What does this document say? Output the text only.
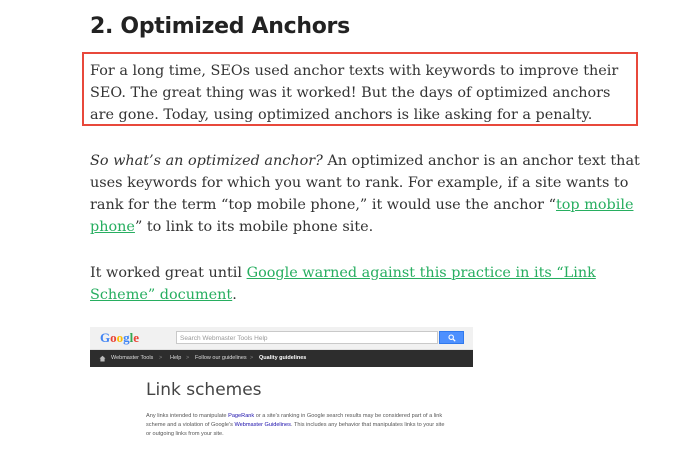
2. Optimized Anchors

For a long time, SEOs used anchor texts with keywords to improve their SEO. The great thing was it worked! But the days of optimized anchors are gone. Today, using optimized anchors is like asking for a penalty.

So what’s an optimized anchor? An optimized anchor is an anchor text that uses keywords for which you want to rank. For example, if a site wants to rank for the term “top mobile phone,” it would use the anchor “top mobile phone” to link to its mobile phone site.

It worked great until Google warned against this practice in its “Link Scheme” document.

Google	Search Webmaster Tools Help
Webmaster Tools > Help > Follow our guidelines > Quality guidelines
Link schemes
Any links intended to manipulate PageRank or a site's ranking in Google search results may be considered part of a link scheme and a violation of Google's Webmaster Guidelines. This includes any behavior that manipulates links to your site or outgoing links from your site.
